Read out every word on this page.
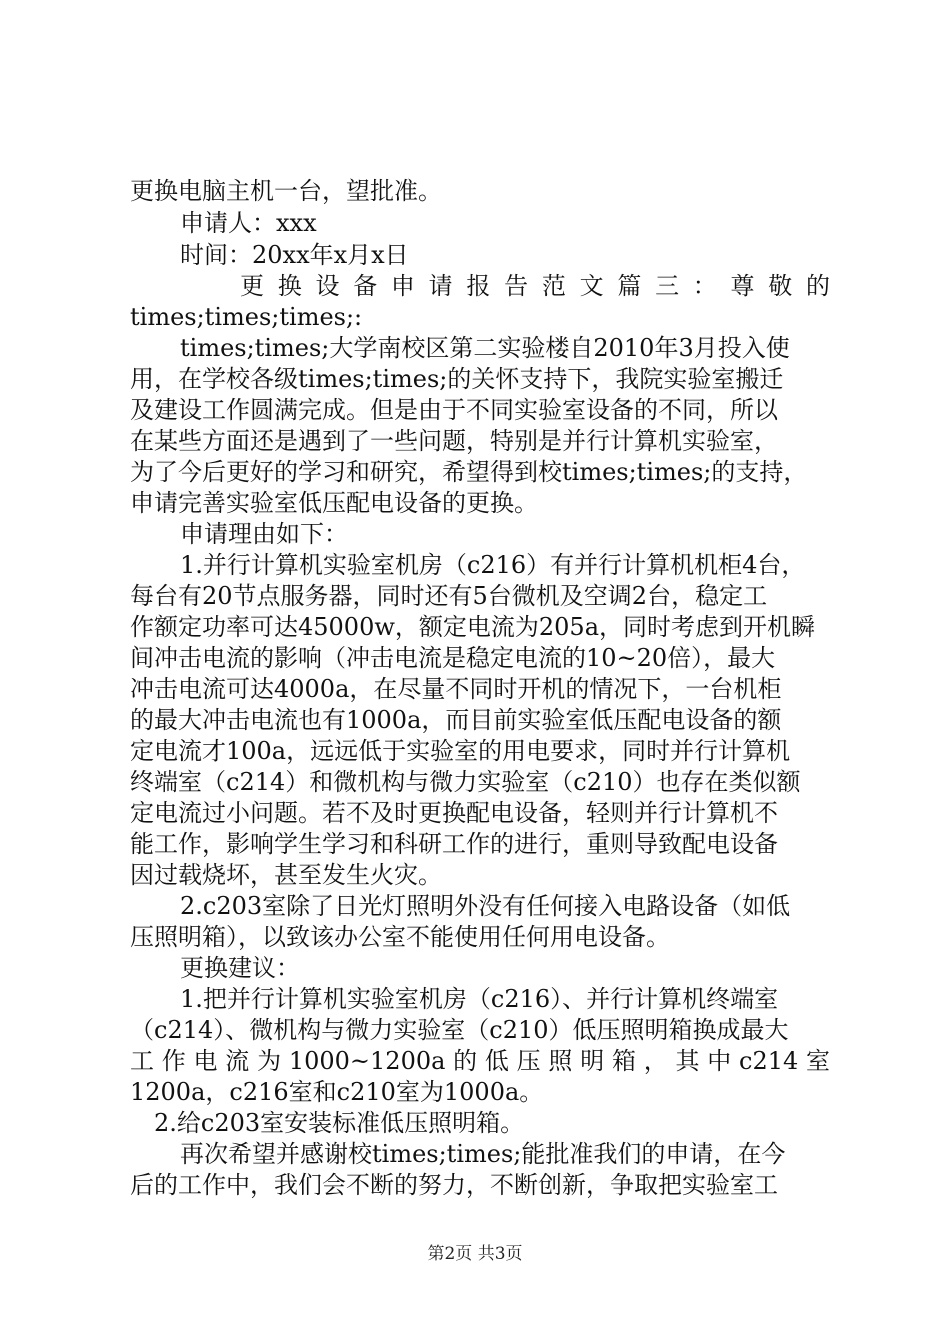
更换电脑主机一台，望批准。
申请人：xxx
时间：20xx年x月x日
更 换 设 备 申 请 报 告 范 文 篇 三 ： 尊 敬 的
times;times;times;:
times;times;大学南校区第二实验楼自2010年3月投入使
用，在学校各级times;times;的关怀支持下，我院实验室搬迁
及建设工作圆满完成。但是由于不同实验室设备的不同，所以
在某些方面还是遇到了一些问题，特别是并行计算机实验室，
为了今后更好的学习和研究，希望得到校times;times;的支持，
申请完善实验室低压配电设备的更换。
申请理由如下：
1.并行计算机实验室机房（c216）有并行计算机机柜4台，
每台有20节点服务器，同时还有5台微机及空调2台，稳定工
作额定功率可达45000w，额定电流为205a，同时考虑到开机瞬
间冲击电流的影响（冲击电流是稳定电流的10~20倍），最大
冲击电流可达4000a，在尽量不同时开机的情况下，一台机柜
的最大冲击电流也有1000a，而目前实验室低压配电设备的额
定电流才100a，远远低于实验室的用电要求，同时并行计算机
终端室（c214）和微机构与微力实验室（c210）也存在类似额
定电流过小问题。若不及时更换配电设备，轻则并行计算机不
能工作，影响学生学习和科研工作的进行，重则导致配电设备
因过载烧坏，甚至发生火灾。
2.c203室除了日光灯照明外没有任何接入电路设备（如低
压照明箱），以致该办公室不能使用任何用电设备。
更换建议：
1.把并行计算机实验室机房（c216）、并行计算机终端室
（c214）、微机构与微力实验室（c210）低压照明箱换成最大
工 作 电 流 为 1000~1200a 的 低 压 照 明 箱 ， 其 中 c214 室
1200a，c216室和c210室为1000a。
2.给c203室安装标准低压照明箱。
再次希望并感谢校times;times;能批准我们的申请，在今
后的工作中，我们会不断的努力，不断创新，争取把实验室工
第2页 共3页
